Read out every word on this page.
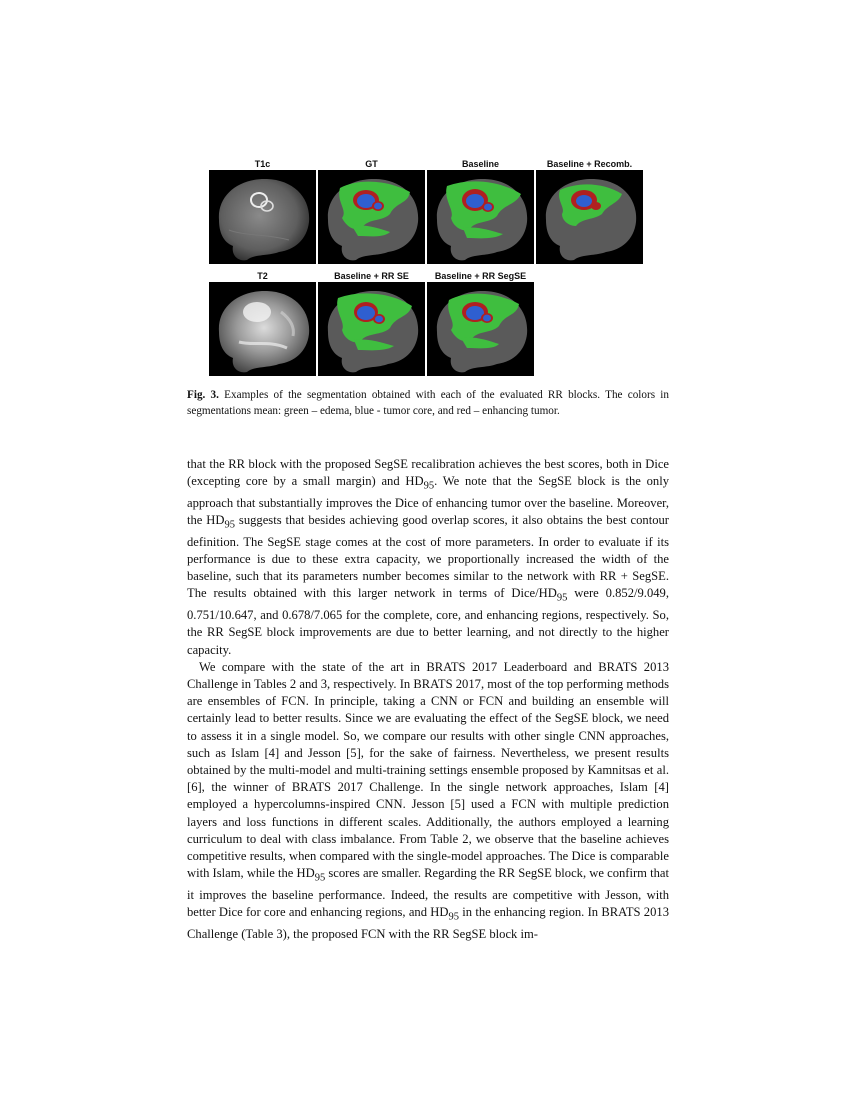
T1c	GT	Baseline	Baseline + Recomb.
T2	Baseline + RR SE	Baseline + RR SegSE
Fig. 3. Examples of the segmentation obtained with each of the evaluated RR blocks. The colors in segmentations mean: green – edema, blue - tumor core, and red – enhancing tumor.

that the RR block with the proposed SegSE recalibration achieves the best scores, both in Dice (excepting core by a small margin) and $HD_{95}$. We note that the SegSE block is the only approach that substantially improves the Dice of enhancing tumor over the baseline. Moreover, the $HD_{95}$ suggests that besides achieving good overlap scores, it also obtains the best contour definition. The SegSE stage comes at the cost of more parameters. In order to evaluate if its performance is due to these extra capacity, we proportionally increased the width of the baseline, such that its parameters number becomes similar to the network with RR + SegSE. The results obtained with this larger network in terms of Dice/$HD_{95}$ were 0.852/9.049, 0.751/10.647, and 0.678/7.065 for the complete, core, and enhancing regions, respectively. So, the RR SegSE block improvements are due to better learning, and not directly to the higher capacity.

We compare with the state of the art in BRATS 2017 Leaderboard and BRATS 2013 Challenge in Tables 2 and 3, respectively. In BRATS 2017, most of the top performing methods are ensembles of FCN. In principle, taking a CNN or FCN and building an ensemble will certainly lead to better results. Since we are evaluating the effect of the SegSE block, we need to assess it in a single model. So, we compare our results with other single CNN approaches, such as Islam [4] and Jesson [5], for the sake of fairness. Nevertheless, we present results obtained by the multi-model and multi-training settings ensemble proposed by Kamnitsas et al. [6], the winner of BRATS 2017 Challenge. In the single network approaches, Islam [4] employed a hypercolumns-inspired CNN. Jesson [5] used a FCN with multiple prediction layers and loss functions in different scales. Additionally, the authors employed a learning curriculum to deal with class imbalance. From Table 2, we observe that the baseline achieves competitive results, when compared with the single-model approaches. The Dice is comparable with Islam, while the $HD_{95}$ scores are smaller. Regarding the RR SegSE block, we confirm that it improves the baseline performance. Indeed, the results are competitive with Jesson, with better Dice for core and enhancing regions, and $HD_{95}$ in the enhancing region. In BRATS 2013 Challenge (Table 3), the proposed FCN with the RR SegSE block im-
